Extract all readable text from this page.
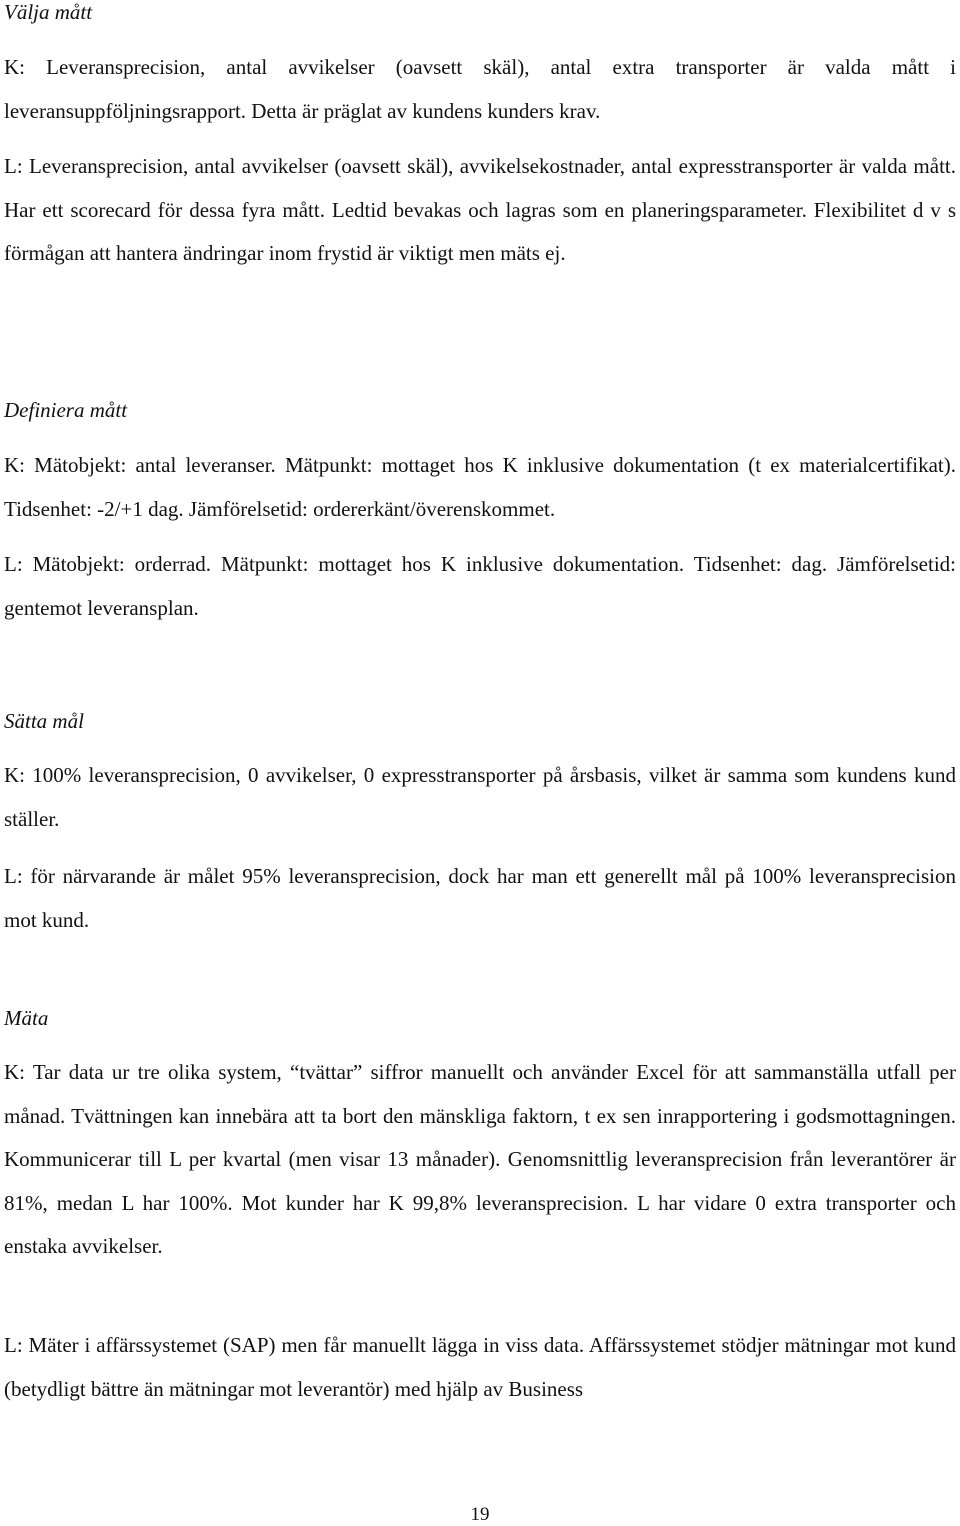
Välja mått
K: Leveransprecision, antal avvikelser (oavsett skäl), antal extra transporter är valda mått i leveransuppföljningsrapport. Detta är präglat av kundens kunders krav.
L: Leveransprecision, antal avvikelser (oavsett skäl), avvikelsekostnader, antal expresstransporter är valda mått. Har ett scorecard för dessa fyra mått. Ledtid bevakas och lagras som en planeringsparameter. Flexibilitet d v s förmågan att hantera ändringar inom frystid är viktigt men mäts ej.
Definiera mått
K: Mätobjekt: antal leveranser. Mätpunkt: mottaget hos K inklusive dokumentation (t ex materialcertifikat). Tidsenhet: -2/+1 dag. Jämförelsetid: ordererkänt/överenskommet.
L: Mätobjekt: orderrad. Mätpunkt: mottaget hos K inklusive dokumentation. Tidsenhet: dag. Jämförelsetid: gentemot leveransplan.
Sätta mål
K: 100% leveransprecision, 0 avvikelser, 0 expresstransporter på årsbasis, vilket är samma som kundens kund ställer.
L: för närvarande är målet 95% leveransprecision, dock har man ett generellt mål på 100% leveransprecision mot kund.
Mäta
K: Tar data ur tre olika system, “tvättar” siffror manuellt och använder Excel för att sammanställa utfall per månad. Tvättningen kan innebära att ta bort den mänskliga faktorn, t ex sen inrapportering i godsmottagningen. Kommunicerar till L per kvartal (men visar 13 månader). Genomsnittlig leveransprecision från leverantörer är 81%, medan L har 100%. Mot kunder har K 99,8% leveransprecision. L har vidare 0 extra transporter och enstaka avvikelser.
L: Mäter i affärssystemet (SAP) men får manuellt lägga in viss data. Affärssystemet stödjer mätningar mot kund (betydligt bättre än mätningar mot leverantör) med hjälp av Business
19
